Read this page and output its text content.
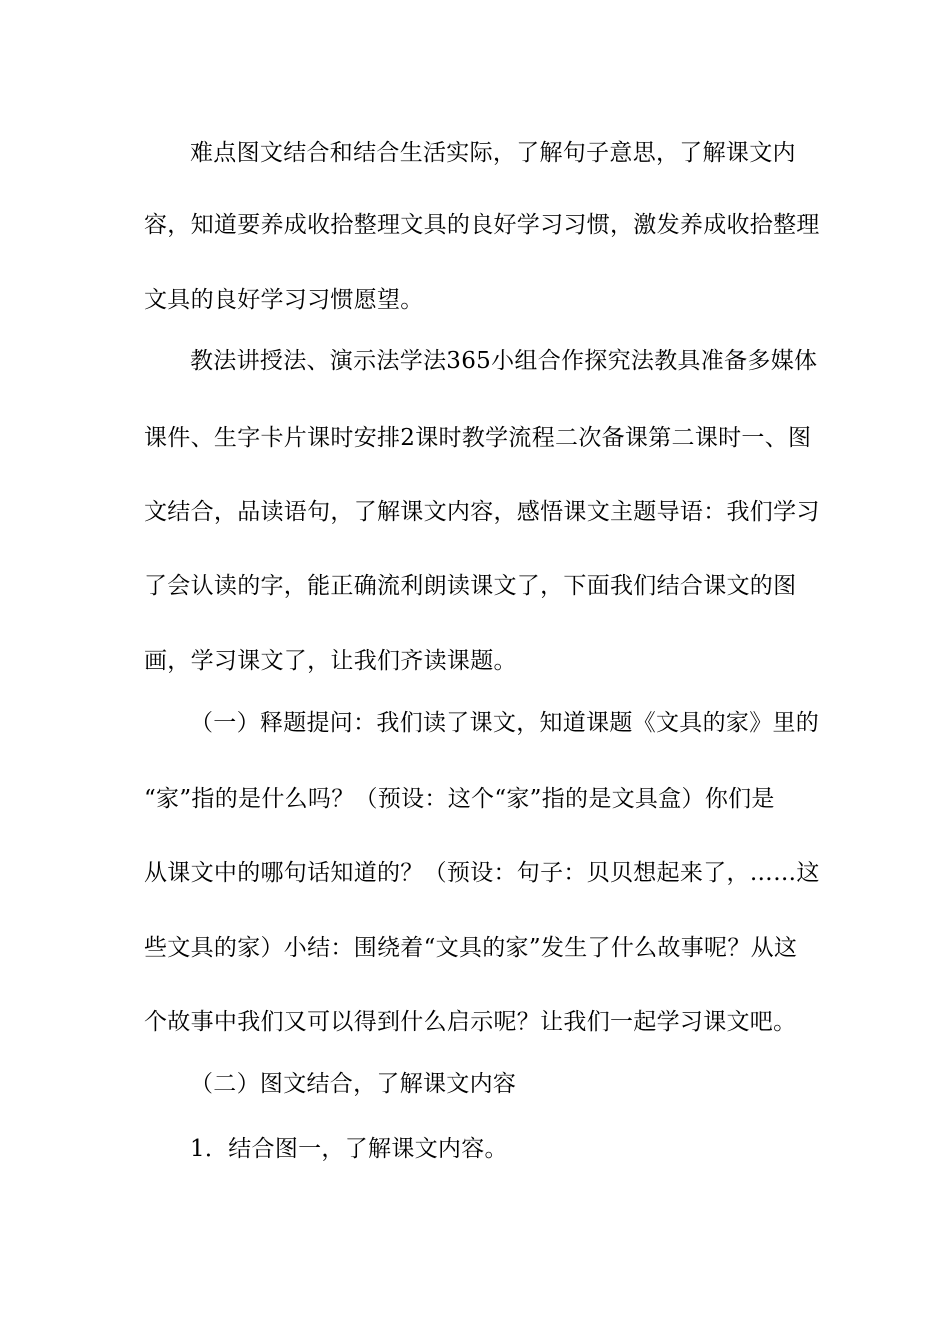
难点图文结合和结合生活实际，了解句子意思，了解课文内
容，知道要养成收拾整理文具的良好学习习惯，激发养成收拾整理
文具的良好学习习惯愿望。
教法讲授法、演示法学法365小组合作探究法教具准备多媒体
课件、生字卡片课时安排2课时教学流程二次备课第二课时一、图
文结合，品读语句，了解课文内容，感悟课文主题导语：我们学习
了会认读的字，能正确流利朗读课文了，下面我们结合课文的图
画，学习课文了，让我们齐读课题。
（一）释题提问：我们读了课文，知道课题《文具的家》里的
“家”指的是什么吗？（预设：这个“家”指的是文具盒）你们是
从课文中的哪句话知道的？（预设：句子：贝贝想起来了，……这
些文具的家）小结：围绕着“文具的家”发生了什么故事呢？从这
个故事中我们又可以得到什么启示呢？让我们一起学习课文吧。
（二）图文结合，了解课文内容
1．结合图一，了解课文内容。
